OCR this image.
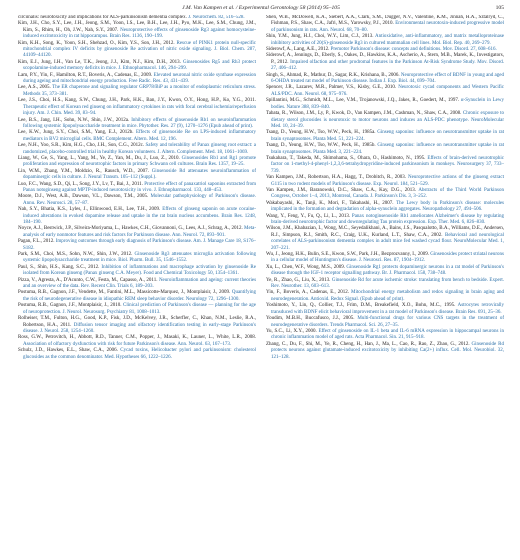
J.M. Van Kampen et al. / Experimental Gerontology 58 (2014) 95–105	105

circiinalis: neurotoxicity and implications for ALS-parkinsonism dementia complex. J. Neurochem. 82, 516–528.

Kim, J.H., Cho, S.Y., Lee, J.H., Jeong, S.M., Yoon, I.S., Lee, B.H., Lee, J.H., Pyo, M.K., Lee, S.M., Chung, J.M., Kim, S., Rhim, H., Oh, J.W., Nah, S.Y., 2007. Neuroprotective effects of ginsenoside Rg3 against homocysteine-induced excitotoxicity in rat hippocampus. Brain Res. 1136, 190–199.

Kim, K.H., Song, K., Yoon, S.H., Shehzad, O., Kim, Y.S., Son, J.H., 2012. Rescue of PINK1 protein null-specific mitochondrial complex IV deficits by ginsenoside Re activation of nitric oxide signaling. J. Biol. Chem. 287, 44109–44120.

Kim, E.J., Jung, I.H., Van Le, T.K., Jeong, J.J., Kim, N.J., Kim, D.H., 2013. Ginsenosides Rg5 and Rh3 protect scopolamine-induced memory deficits in mice. J. Ethnopharmacol. 146, 294–299.

Lam, P.Y., Yin, F., Hamilton, R.T., Boveris, A., Cadenas, E., 2009. Elevated neuronal nitric oxide synthase expression during ageing and mitochondrial energy production. Free Radic. Res. 43, 431–439.

Lee, A.S., 2005. The ER chaperone and signaling regulator GRP78/BiP as a monitor of endoplasmic reticulum stress. Methods 35, 373–381.

Lee, J.S., Choi, H.S., Kang, S.W., Chung, J.H., Park, H.K., Ban, J.Y., Kwon, O.Y., Hong, H.P., Ko, Y.G., 2011. Therapeutic effect of Korean red ginseng on inflammatory cytokines in rats with focal cerebral ischemia/reperfusion injury. Am. J. Chin. Med. 39, 83–94.

Lee, B.S., Jang, I.H., Sohn, N.W., Shin, J.W., 2012a. Inhibitory effects of ginsenoside Rb1 on neuroinflammation following systemic lipopolysaccharide treatment in mice. Phytother. Res. 27 (9), 1270–1276 (Epub ahead of print).

Lee, K.W., Jung, S.Y., Choi, S.M., Yang, E.J., 2012b. Effects of ginsenoside Re on LPS-induced inflammatory mediators in BV2 microglial cells. BMC Complement. Altern. Med. 12, 196.

Lee, N.H., Yoo, S.R., Kim, H.G., Cho, J.H., Son, C.G., 2012c. Safety and tolerability of Panax ginseng root extract: a randomized, placebo-controlled trial in healthy Korean volunteers. J. Altern. Complement. Med. 18, 1061–1069.

Liang, W., Ge, S., Yang, L., Yang, M., Ye, Z., Yan, M., Du, J., Luo, Z., 2010. Ginsenosides Rb1 and Rg1 promote proliferation and expression of neurotrophic factors in primary Schwann cell cultures. Brain Res. 1357, 19–25.

Lin, W.M., Zhang, Y.M., Moldzio, R., Rausch, W.D., 2007. Ginsenoside Rd attenuates neuroinflammation of dopaminergic cells in culture. J. Neural Transm. 105–112 (Suppl.).

Luo, F.C., Wang, S.D., Qi, L., Song, J.Y., Lv, T., Bai, J., 2011. Protective effect of panaxatriol saponins extracted from Panax notoginseng against MPTP-induced neurotoxicity in vivo. J. Ethnopharmacol. 133, 448–453.

Moore, D.J., West, A.B., Dawson, V.L., Dawson, T.M., 2005. Molecular pathophysiology of Parkinson's disease. Annu. Rev. Neurosci. 28, 57–87.

Nah, S.Y., Bhatia, K.S., Lyles, J., Ellinwood, E.H., Lee, T.H., 2009. Effects of ginseng saponin on acute cocaine-induced alterations in evoked dopamine release and uptake in the rat brain nucleus accumbens. Brain Res. 1248, 184–190.

Noyce, A.J., Bestwick, J.P., Silveira-Moriyama, L., Hawkes, C.H., Giovannoni, G., Lees, A.J., Schrag, A., 2012. Meta-analysis of early nonmotor features and risk factors for Parkinson disease. Ann. Neurol. 72, 893–901.

Pagan, F.L., 2012. Improving outcomes through early diagnosis of Parkinson's disease. Am. J. Manage Care 18, S176–S182.

Park, S.M., Choi, M.S., Sohn, N.W., Shin, J.W., 2012. Ginsenoside Rg3 attenuates microglia activation following systemic lipopolysaccharide treatment in mice. Biol. Pharm. Bull. 35, 1546–1552.

Paul, S., Shin, H.S., Kang, S.C., 2012. Inhibition of inflammations and macrophage activation by ginsenoside Re isolated from Korean ginseng (Panax ginseng C.A. Meyer). Food and Chemical Toxicology 50, 1354–1361.

Pizza, V., Agresta, A., D'Acunto, C.W., Festa, M., Capasso, A., 2011. Neuroinflammation and ageing: current theories and an overview of the data. Rev. Recent Clin. Trials 6, 189–203.

Postuma, R.B., Gagnon, J.F., Vendette, M., Fantini, M.L., Massicotte-Marquez, J., Montplaisir, J., 2009. Quantifying the risk of neurodegenerative disease in idiopathic REM sleep behavior disorder. Neurology 72, 1296–1300.

Postuma, R.B., Gagnon, J.F., Montplaisir, J., 2010. Clinical prediction of Parkinson's disease — planning for the age of neuroprotection. J. Neurol. Neurosurg. Psychiatry 81, 1008–1013.

Rolheiser, T.M., Fulton, H.G., Good, K.P., Fisk, J.D., McKelvey, J.R., Scherfler, C., Khan, N.M., Leslie, R.A., Robertson, H.A., 2011. Diffusion tensor imaging and olfactory identification testing in early-stage Parkinson's disease. J. Neurol. 258, 1254–1260.

Ross, G.W., Petrovitch, H., Abbott, R.D., Tanner, C.M., Popper, J., Masaki, K., Launer, L., White, L.R., 2008. Association of olfactory dysfunction with risk for future Parkinson's disease. Ann. Neurol. 63, 167–173.

Schulz, J.D., Hawkes, E.L., Shaw, C.A., 2006. Cycad toxins, Helicobacter pylori and parkinsonism: cholesterol glucosides as the common denominator. Med. Hypotheses 66, 1222–1226.

Shen, W.B., McDowell, K.A., Siebert, A.A., Clark, S.M., Dugger, N.V., Valentine, K.M., Jinnah, H.A., Sztalryd, C., Fishman, P.S., Shaw, C.A., Jafri, M.S., Yarowsky, P.J., 2010. Environmental neurotoxin-induced progressive model of parkinsonism in rats. Ann. Neurol. 68, 70–80.

Shin, Y.M., Jung, H.J., Choi, W.Y., Lim, C.J., 2013. Antioxidative, anti-inflammatory, and matrix metalloproteinase inhibitory activities of 20(S)-ginsenoside Rg3 in cultured mammalian cell lines. Mol. Biol. Rep. 40, 269–279.

Siderowf, A., Lang, A.E., 2012. Premotor Parkinson's disease: concepts and definitions. Mov. Disord. 27, 608–616.

Siderowf, A., Jennings, D., Eberly, S., Oakes, D., Hawkins, K.A., Ascherio, A., Stern, M.B., Marek, K., Investigators, P., 2012. Impaired olfaction and other prodromal features in the Parkinson At-Risk Syndrome Study. Mov. Disord. 27, 406–412.

Singh, S., Ahmad, R., Mathur, D., Sagar, R.K., Krishana, B., 2006. Neuroprotective effect of BDNF in young and aged 6-OHDA treated rat model of Parkinson disease. Indian J. Exp. Biol. 44, 699–704.

Spencer, J.R., Lazarev, M.R., Palmer, V.S., Kisby, G.E., 2010. Neurotoxic cycad components and Western Pacific ALS/PDC. Ann. Neurol. 68, 975–976.

Spillantini, M.G., Schmidt, M.L., Lee, V.M., Trojanowski, J.Q., Jakes, R., Goedert, M., 1997. α-Synuclein in Lewy bodies. Nature 388, 839–840.

Tabata, R., Wilson, J.M., Ly, P., Kwok, D., Van Kampen, J.M., Cashman, N., Shaw, C.A., 2008. Chronic exposure to dietary sterol glucosides is neurotoxic to motor neurons and induces an ALS-PDC phenotype. NeuroMolecular Med. 10, 24–39.

Tsang, D., Yeung, H.W., Tso, W.W., Peck, H., 1985a. Ginseng saponins: influence on neurotransmitter uptake in rat brain synaptosomes. Planta Med. 51, 221–224.

Tsang, D., Yeung, H.W., Tso, W.W., Peck, H., 1985b. Ginseng saponins: influence on neurotransmitter uptake in rat brain synaptosomes. Planta Med. 3, 221–224.

Tsukahara, T., Takeda, M., Shimohama, S., Ohara, O., Hashimoto, N., 1995. Effects of brain-derived neurotrophic factor on 1-methyl-4-phenyl-1,2,3,6-tetrahydropyridine-induced parkinsonism in monkeys. Neurosurgery 37, 733–739.

Van Kampen, J.M., Robertson, H.A., Hagg, T., Drobitch, R., 2003. Neuroprotective actions of the ginseng extract G115 in two rodent models of Parkinson's disease. Exp. Neurol. 184, 521–529.

Van Kampen, J.M., Baranowski, D.C., Shaw, C.A., Kay, D.G., 2013. Abstracts of the Third World Parkinson Congress, October 1–4, 2013, Montreal, Canada. J. Parkinson's Dis. 3, 3–252.

Wakabayashi, K., Tanji, K., Mori, F., Takahashi, H., 2007. The Lewy body in Parkinson's disease: molecules implicated in the formation and degradation of alpha-synuclein aggregates. Neuropathology 27, 494–506.

Wang, Y., Feng, Y., Fu, Q., Li, L., 2013. Panax notoginsenoside Rb1 ameliorates Alzheimer's disease by regulating brain-derived neurotrophic factor and downregulating Tau protein expression. Exp. Ther. Med. 6, 826–830.

Wilson, J.M., Khabazian, I., Wong, M.C., Seyedalikhani, A., Bains, J.S., Pasqualotto, B.A., Williams, D.E., Andersen, R.J., Simpson, R.J., Smith, R.C., Craig, U.K., Kurland, L.T., Shaw, C.A., 2002. Behavioral and neurological correlates of ALS-parkinsonism dementia complex in adult mice fed washed cycad flour. NeuroMolecular Med. 1, 207–221.

Wu, J., Jeong, H.K., Bulin, S.E., Kwon, S.W., Park, J.H., Bezprozvanny, I., 2009. Ginsenosides protect striatal neurons in a cellular model of Huntington's disease. J. Neurosci. Res. 87, 1904–1912.

Xu, L., Chen, W.F., Wong, M.S., 2009. Ginsenoside Rg1 protects dopaminergic neurons in a rat model of Parkinson's disease through the IGF-1 receptor signalling pathway. Br. J. Pharmacol. 158, 738–748.

Ye, R., Zhao, G., Liu, X., 2013. Ginsenoside Rd for acute ischemic stroke: translating from bench to bedside. Expert. Rev. Neurother. 13, 603–613.

Yin, F., Boveris, A., Cadenas, E., 2012. Mitochondrial energy metabolism and redox signaling in brain aging and neurodegeneration. Antioxid. Redox Signal. (Epub ahead of print).

Yoshimoto, Y., Lin, Q., Collier, T.J., Frim, D.M., Breakefield, X.O., Bohn, M.C., 1995. Astrocytes retrovirally transduced with BDNF elicit behavioral improvement in a rat model of Parkinson's disease. Brain Res. 691, 25–36.

Youdim, M.B.H., Buccafusco, J.J., 2005. Multi-functional drugs for various CNS targets in the treatment of neurodegenerative disorders. Trends Pharmacol. Sci. 26, 27–35.

Yu, S.C., Li, X.Y., 2000. Effect of ginsenoside on IL-1 beta and IL-6 mRNA expression in hippocampal neurons in chronic inflammation model of aged rats. Acta Pharmacol. Sin. 21, 915–918.

Zhang, C., Du, F., Shi, M., Ye, R., Cheng, H., Han, J., Ma, L., Cao, R., Rao, Z., Zhao, G., 2012. Ginsenoside Rd protects neurons against glutamate-induced excitotoxicity by inhibiting Ca(2+) influx. Cell. Mol. Neurobiol. 32, 121–128.
